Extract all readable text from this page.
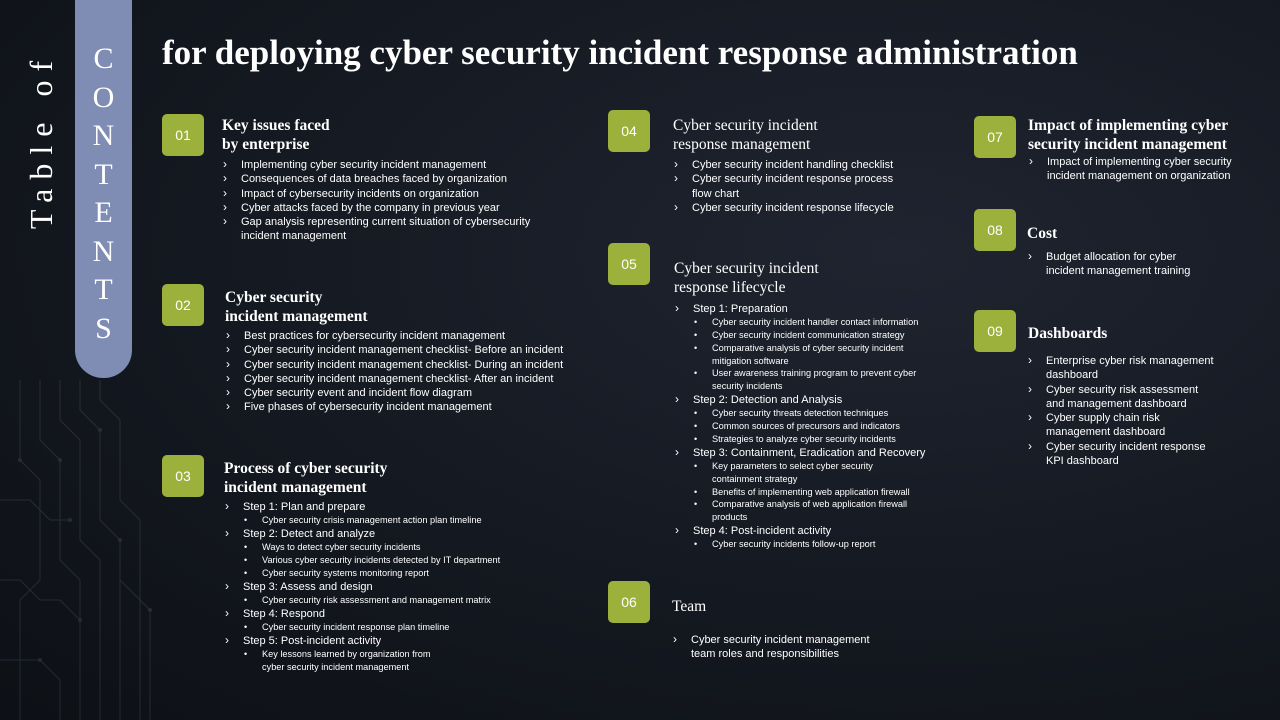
Table of C
O
N
T
E
N
T
S
for deploying cyber security incident response administration
01
Key issues faced
by enterprise
› Implementing cyber security incident management
› Consequences of data breaches faced by organization
› Impact of cybersecurity incidents on organization
› Cyber attacks faced by the company in previous year
› Gap analysis representing current situation of cybersecurity
incident management
02	Cyber security
incident management
› Best practices for cybersecurity incident management
› Cyber security incident management checklist- Before an incident
› Cyber security incident management checklist- During an incident
› Cyber security incident management checklist- After an incident
› Cyber security event and incident flow diagram
› Five phases of cybersecurity incident management
03	Process of cyber security
incident management
› Step 1: Plan and prepare
• Cyber security crisis management action plan timeline
› Step 2: Detect and analyze
• Ways to detect cyber security incidents
• Various cyber security incidents detected by IT department
• Cyber security systems monitoring report
› Step 3: Assess and design
• Cyber security risk assessment and management matrix
› Step 4: Respond
• Cyber security incident response plan timeline
› Step 5: Post-incident activity
• Key lessons learned by organization from
cyber security incident management
04	Cyber security incident
response management
› Cyber security incident handling checklist
› Cyber security incident response process
flow chart
› Cyber security incident response lifecycle
05	Cyber security incident
response lifecycle
› Step 1: Preparation
• Cyber security incident handler contact information
• Cyber security incident communication strategy
• Comparative analysis of cyber security incident
mitigation software
• User awareness training program to prevent cyber
security incidents
› Step 2: Detection and Analysis
• Cyber security threats detection techniques
• Common sources of precursors and indicators
• Strategies to analyze cyber security incidents
› Step 3: Containment, Eradication and Recovery
• Key parameters to select cyber security
containment strategy
• Benefits of implementing web application firewall
• Comparative analysis of web application firewall
products
› Step 4: Post-incident activity
• Cyber security incidents follow-up report
06	Team
› Cyber security incident management
team roles and responsibilities
07
Impact of implementing cyber
security incident management
› Impact of implementing cyber security
incident management on organization
08	Cost
› Budget allocation for cyber
incident management training
09	Dashboards
› Enterprise cyber risk management
dashboard
› Cyber security risk assessment
and management dashboard
› Cyber supply chain risk
management dashboard
› Cyber security incident response
KPI dashboard
